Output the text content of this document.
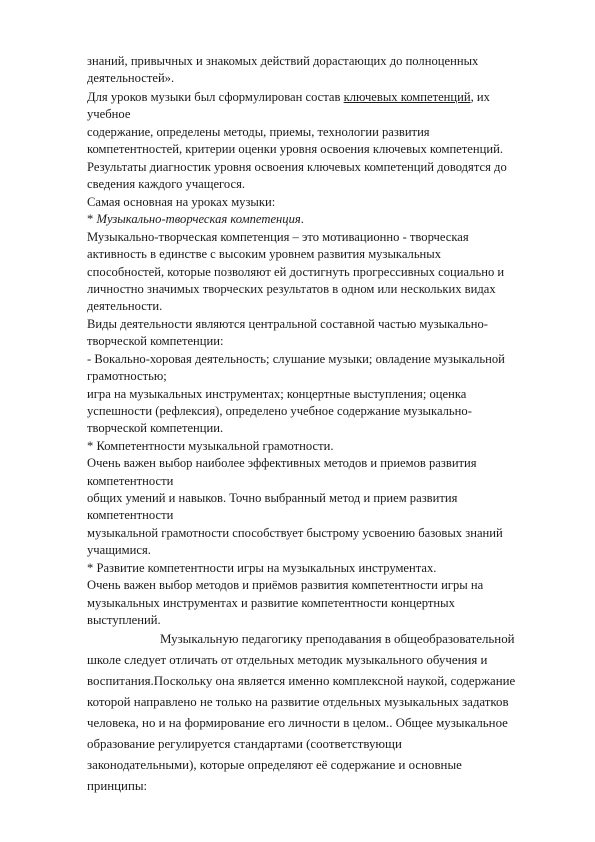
знаний, привычных и знакомых действий дорастающих до полноценных
деятельностей».
Для уроков музыки был сформулирован состав ключевых компетенций, их
учебное
содержание, определены методы, приемы, технологии развития
компетентностей, критерии оценки уровня освоения ключевых компетенций.
Результаты диагностик уровня освоения ключевых компетенций доводятся до
сведения каждого учащегося.
Самая основная на уроках музыки:
* Музыкально-творческая компетенция.
Музыкально-творческая компетенция – это мотивационно - творческая
активность в единстве с высоким уровнем развития музыкальных
способностей, которые позволяют ей достигнуть прогрессивных социально и
личностно значимых творческих результатов в одном или нескольких видах
деятельности.
Виды деятельности являются центральной составной частью музыкально-
творческой компетенции:
- Вокально-хоровая деятельность; слушание музыки; овладение музыкальной
грамотностью;
игра на музыкальных инструментах; концертные выступления; оценка
успешности (рефлексия), определено учебное содержание музыкально-
творческой компетенции.
* Компетентности музыкальной грамотности.
Очень важен выбор наиболее эффективных методов и приемов развития
компетентности
общих умений и навыков. Точно выбранный метод и прием развития
компетентности
музыкальной грамотности способствует быстрому усвоению базовых знаний
учащимися.
* Развитие компетентности игры на музыкальных инструментах.
Очень важен выбор методов и приёмов развития компетентности игры на
музыкальных инструментах и развитие компетентности концертных
выступлений.
Музыкальную педагогику преподавания в общеобразовательной
школе следует отличать от отдельных методик музыкального обучения и
воспитания.Поскольку она является именно комплексной наукой, содержание
которой направлено не только на развитие отдельных музыкальных задатков
человека, но и на формирование его личности в целом.. Общее музыкальное
образование регулируется стандартами (соответствующи
законодательными), которые определяют её содержание и основные
принципы:
